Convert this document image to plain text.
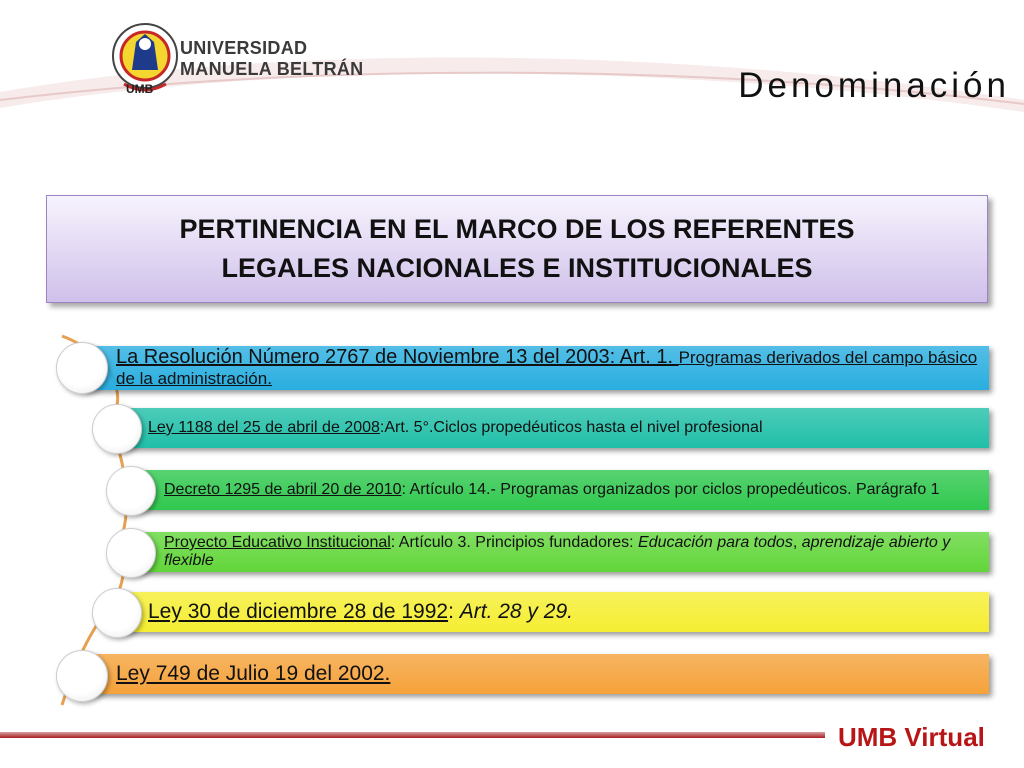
UMB
UNIVERSIDAD
MANUELA BELTRÁN	Denominación
PERTINENCIA EN EL MARCO DE LOS REFERENTES
LEGALES NACIONALES E INSTITUCIONALES
La Resolución Número 2767 de Noviembre 13 del 2003: Art. 1. Programas derivados del campo básico de la administración.
Ley 1188 del 25 de abril de 2008:Art. 5°.Ciclos propedéuticos hasta el nivel profesional
Decreto 1295 de abril 20 de 2010: Artículo 14.- Programas organizados por ciclos propedéuticos. Parágrafo 1
Proyecto Educativo Institucional: Artículo 3. Principios fundadores: Educación para todos, aprendizaje abierto y flexible
Ley 30 de diciembre 28 de 1992: Art. 28 y 29.
Ley 749 de Julio 19 del 2002.
UMB Virtual
